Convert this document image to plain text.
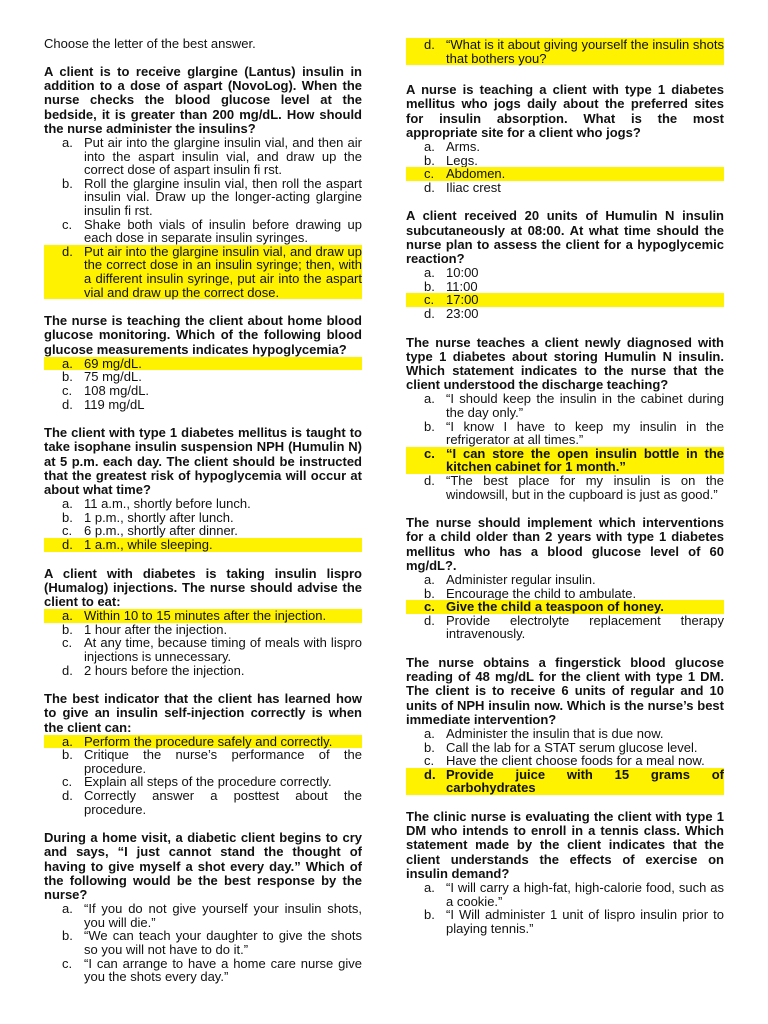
Choose the letter of the best answer.
A client is to receive glargine (Lantus) insulin in addition to a dose of aspart (NovoLog). When the nurse checks the blood glucose level at the bedside, it is greater than 200 mg/dL. How should the nurse administer the insulins?
a. Put air into the glargine insulin vial, and then air into the aspart insulin vial, and draw up the correct dose of aspart insulin fi rst.
b. Roll the glargine insulin vial, then roll the aspart insulin vial. Draw up the longer-acting glargine insulin fi rst.
c. Shake both vials of insulin before drawing up each dose in separate insulin syringes.
d. Put air into the glargine insulin vial, and draw up the correct dose in an insulin syringe; then, with a different insulin syringe, put air into the aspart vial and draw up the correct dose.
The nurse is teaching the client about home blood glucose monitoring. Which of the following blood glucose measurements indicates hypoglycemia?
a. 69 mg/dL.
b. 75 mg/dL.
c. 108 mg/dL.
d. 119 mg/dL
The client with type 1 diabetes mellitus is taught to take isophane insulin suspension NPH (Humulin N) at 5 p.m. each day. The client should be instructed that the greatest risk of hypoglycemia will occur at about what time?
a. 11 a.m., shortly before lunch.
b. 1 p.m., shortly after lunch.
c. 6 p.m., shortly after dinner.
d. 1 a.m., while sleeping.
A client with diabetes is taking insulin lispro (Humalog) injections. The nurse should advise the client to eat:
a. Within 10 to 15 minutes after the injection.
b. 1 hour after the injection.
c. At any time, because timing of meals with lispro injections is unnecessary.
d. 2 hours before the injection.
The best indicator that the client has learned how to give an insulin self-injection correctly is when the client can:
a. Perform the procedure safely and correctly.
b. Critique the nurse’s performance of the procedure.
c. Explain all steps of the procedure correctly.
d. Correctly answer a posttest about the procedure.
During a home visit, a diabetic client begins to cry and says, “I just cannot stand the thought of having to give myself a shot every day.” Which of the following would be the best response by the nurse?
a. “If you do not give yourself your insulin shots, you will die.”
b. “We can teach your daughter to give the shots so you will not have to do it.”
c. “I can arrange to have a home care nurse give you the shots every day.”
d. “What is it about giving yourself the insulin shots that bothers you?
A nurse is teaching a client with type 1 diabetes mellitus who jogs daily about the preferred sites for insulin absorption. What is the most appropriate site for a client who jogs?
a. Arms.
b. Legs.
c. Abdomen.
d. Iliac crest
A client received 20 units of Humulin N insulin subcutaneously at 08:00. At what time should the nurse plan to assess the client for a hypoglycemic reaction?
a. 10:00
b. 11:00
c. 17:00
d. 23:00
The nurse teaches a client newly diagnosed with type 1 diabetes about storing Humulin N insulin. Which statement indicates to the nurse that the client understood the discharge teaching?
a. “I should keep the insulin in the cabinet during the day only.”
b. “I know I have to keep my insulin in the refrigerator at all times.”
c. “I can store the open insulin bottle in the kitchen cabinet for 1 month.”
d. “The best place for my insulin is on the windowsill, but in the cupboard is just as good.”
The nurse should implement which interventions for a child older than 2 years with type 1 diabetes mellitus who has a blood glucose level of 60 mg/dL?.
a. Administer regular insulin.
b. Encourage the child to ambulate.
c. Give the child a teaspoon of honey.
d. Provide electrolyte replacement therapy intravenously.
The nurse obtains a fingerstick blood glucose reading of 48 mg/dL for the client with type 1 DM. The client is to receive 6 units of regular and 10 units of NPH insulin now. Which is the nurse’s best immediate intervention?
a. Administer the insulin that is due now.
b. Call the lab for a STAT serum glucose level.
c. Have the client choose foods for a meal now.
d. Provide juice with 15 grams of carbohydrates
The clinic nurse is evaluating the client with type 1 DM who intends to enroll in a tennis class. Which statement made by the client indicates that the client understands the effects of exercise on insulin demand?
a. “I will carry a high-fat, high-calorie food, such as a cookie.”
b. “I Will administer 1 unit of lispro insulin prior to playing tennis.”
